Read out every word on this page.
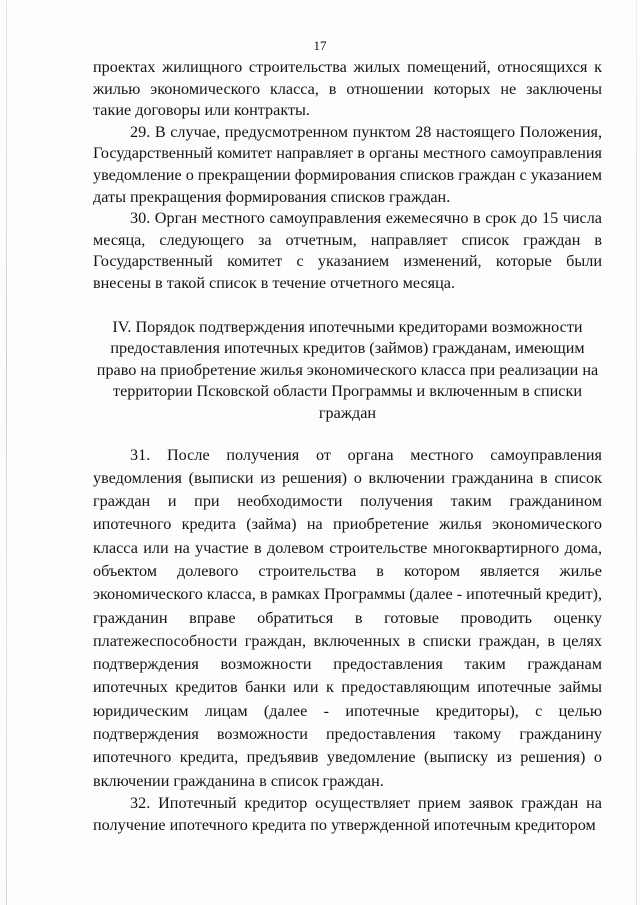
17

проектах жилищного строительства жилых помещений, относящихся к жилью экономического класса, в отношении которых не заключены такие договоры или контракты.

29. В случае, предусмотренном пунктом 28 настоящего Положения, Государственный комитет направляет в органы местного самоуправления уведомление о прекращении формирования списков граждан с указанием даты прекращения формирования списков граждан.

30. Орган местного самоуправления ежемесячно в срок до 15 числа месяца, следующего за отчетным, направляет список граждан в Государственный комитет с указанием изменений, которые были внесены в такой список в течение отчетного месяца.

IV. Порядок подтверждения ипотечными кредиторами возможности предоставления ипотечных кредитов (займов) гражданам, имеющим право на приобретение жилья экономического класса при реализации на территории Псковской области Программы и включенным в списки граждан

31. После получения от органа местного самоуправления уведомления (выписки из решения) о включении гражданина в список граждан и при необходимости получения таким гражданином ипотечного кредита (займа) на приобретение жилья экономического класса или на участие в долевом строительстве многоквартирного дома, объектом долевого строительства в котором является жилье экономического класса, в рамках Программы (далее - ипотечный кредит), гражданин вправе обратиться в готовые проводить оценку платежеспособности граждан, включенных в списки граждан, в целях подтверждения возможности предоставления таким гражданам ипотечных кредитов банки или к предоставляющим ипотечные займы юридическим лицам (далее - ипотечные кредиторы), с целью подтверждения возможности предоставления такому гражданину ипотечного кредита, предъявив уведомление (выписку из решения) о включении гражданина в список граждан.

32. Ипотечный кредитор осуществляет прием заявок граждан на получение ипотечного кредита по утвержденной ипотечным кредитором
